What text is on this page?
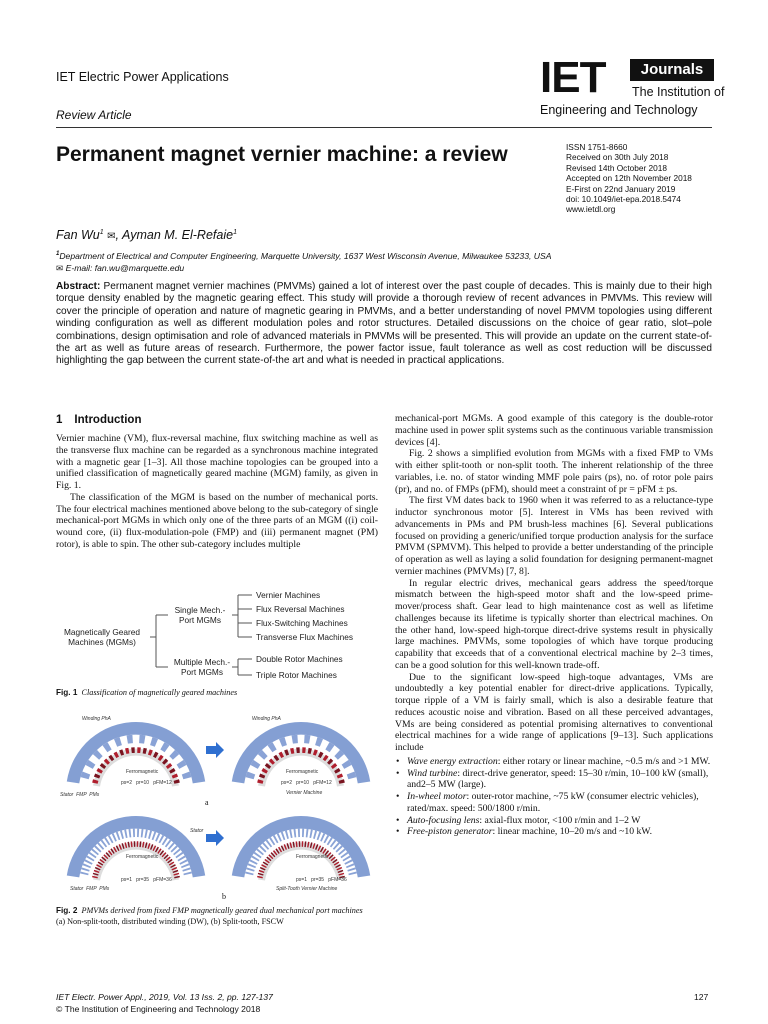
IET Electric Power Applications
Review Article
IET	Journals
The Institution of
Engineering and Technology
Permanent magnet vernier machine: a review	ISSN 1751-8660
Received on 30th July 2018
Revised 14th October 2018
Accepted on 12th November 2018
E-First on 22nd January 2019
doi: 10.1049/iet-epa.2018.5474
www.ietdl.org
Fan Wu$^1$ ✉, Ayman M. El-Refaie$^1$
$^1$Department of Electrical and Computer Engineering, Marquette University, 1637 West Wisconsin Avenue, Milwaukee 53233, USA
✉ E-mail: fan.wu@marquette.edu
Abstract: Permanent magnet vernier machines (PMVMs) gained a lot of interest over the past couple of decades. This is mainly due to their high torque density enabled by the magnetic gearing effect. This study will provide a thorough review of recent advances in PMVMs. This review will cover the principle of operation and nature of magnetic gearing in PMVMs, and a better understanding of novel PMVM topologies using different winding configuration as well as different modulation poles and rotor structures. Detailed discussions on the choice of gear ratio, slot–pole combinations, design optimisation and role of advanced materials in PMVMs will be presented. This will provide an update on the current state-of-the art as well as future areas of research. Furthermore, the power factor issue, fault tolerance as well as cost reduction will be discussed highlighting the gap between the current state-of-the art and what is needed in practical applications.
1 Introduction

Vernier machine (VM), flux-reversal machine, flux switching machine as well as the transverse flux machine can be regarded as a synchronous machine integrated with a magnetic gear [1–3]. All those machine topologies can be grouped into a unified classification of magnetically geared machine (MGM) family, as given in Fig. 1.

The classification of the MGM is based on the number of mechanical ports. The four electrical machines mentioned above belong to the sub-category of single mechanical-port MGMs in which only one of the three parts of an MGM ((i) coil-wound core, (ii) flux-modulation-pole (FMP) and (iii) permanent magnet (PM) rotor), is able to spin. The other sub-category includes multiple

Magnetically Geared
Machines (MGMs)
Single Mech.-
Port MGMs
Multiple Mech.-
Port MGMs
Vernier Machines
Flux Reversal Machines
Flux-Switching Machines
Transverse Flux Machines
Double Rotor Machines
Triple Rotor Machines
Fig. 1 Classification of magnetically geared machines
Winding PhA	Winding PhA
Ferromagnetic	Ferromagnetic
ps=2   pr=10   pFM=12	ps=2   pr=10   pFM=12
Vernier Machine
Stator  FMP  PMs
a
Stator
Ferromagnetic	Ferromagnetic
ps=1   pr=35   pFM=36	ps=1   pr=35   pFM=36
Split-Tooth Vernier Machine
Stator  FMP  PMs
b
Fig. 2 PMVMs derived from fixed FMP magnetically geared dual mechanical port machines
(a) Non-split-tooth, distributed winding (DW), (b) Split-tooth, FSCW

mechanical-port MGMs. A good example of this category is the double-rotor machine used in power split systems such as the continuous variable transmission devices [4].

Fig. 2 shows a simplified evolution from MGMs with a fixed FMP to VMs with either split-tooth or non-split tooth. The inherent relationship of the three variables, i.e. no. of stator winding MMF pole pairs (ps), no. of rotor pole pairs (pr), and no. of FMPs (pFM), should meet a constraint of pr = pFM ± ps.

The first VM dates back to 1960 when it was referred to as a reluctance-type inductor synchronous motor [5]. Interest in VMs has been revived with advancements in PMs and PM brush-less machines [6]. Several publications focused on providing a generic/unified torque production analysis for the surface PMVM (SPMVM). This helped to provide a better understanding of the principle of operation as well as laying a solid foundation for designing permanent-magnet vernier machines (PMVMs) [7, 8].

In regular electric drives, mechanical gears address the speed/torque mismatch between the high-speed motor shaft and the low-speed prime-mover/process shaft. Gear lead to high maintenance cost as well as lifetime challenges because its lifetime is typically shorter than electrical machines. On the other hand, low-speed high-torque direct-drive systems result in physically large machines. PMVMs, some topologies of which have torque producing capability that exceeds that of a conventional electrical machine by 2–3 times, can be a good solution for this well-known trade-off.

Due to the significant low-speed high-toque advantages, VMs are undoubtedly a key potential enabler for direct-drive applications. Typically, torque ripple of a VM is fairly small, which is also a desirable feature that reduces acoustic noise and vibration. Based on all these perceived advantages, VMs are being considered as potential promising alternatives to conventional electrical machines for a wide range of applications [9–13]. Such applications include

• Wave energy extraction: either rotary or linear machine, ~0.5 m/s and >1 MW.
• Wind turbine: direct-drive generator, speed: 15–30 r/min, 10–100 kW (small), and2–5 MW (large).
• In-wheel motor: outer-rotor machine, ~75 kW (consumer electric vehicles), rated/max. speed: 500/1800 r/min.
• Auto-focusing lens: axial-flux motor, <100 r/min and 1–2 W
• Free-piston generator: linear machine, 10–20 m/s and ~10 kW.
IET Electr. Power Appl., 2019, Vol. 13 Iss. 2, pp. 127-137
© The Institution of Engineering and Technology 2018
127
